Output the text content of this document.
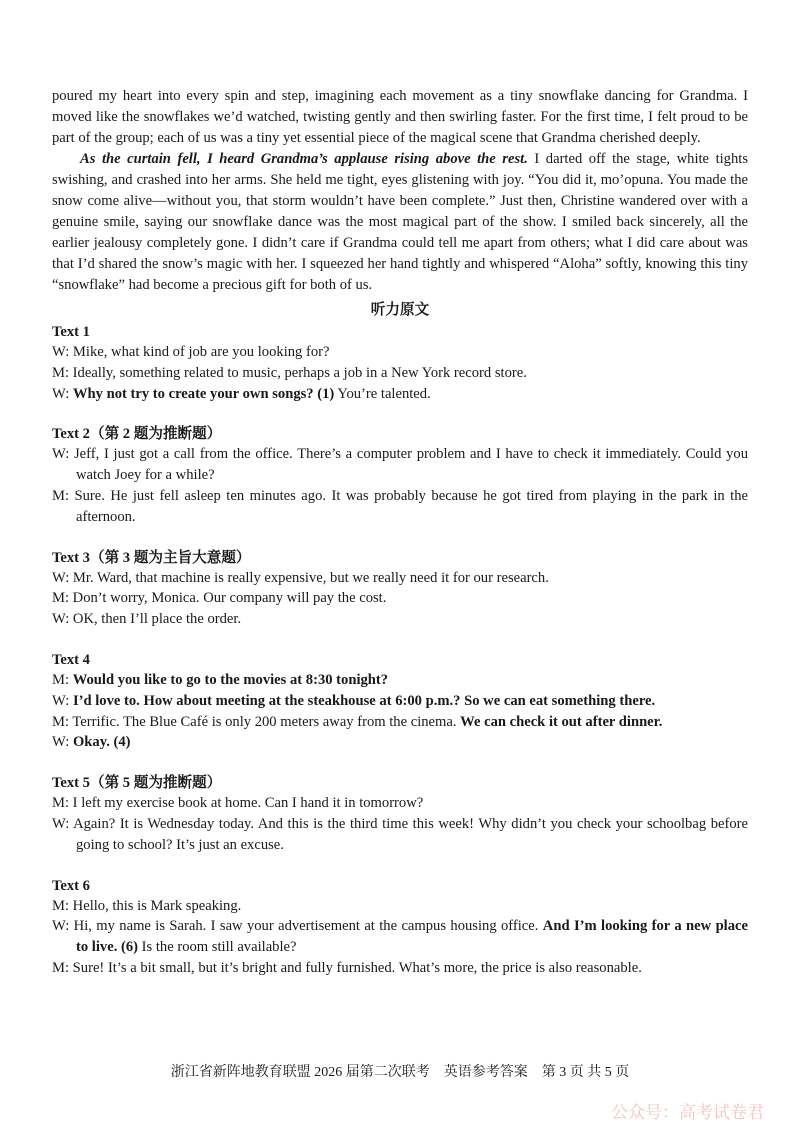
poured my heart into every spin and step, imagining each movement as a tiny snowflake dancing for Grandma. I moved like the snowflakes we’d watched, twisting gently and then swirling faster. For the first time, I felt proud to be part of the group; each of us was a tiny yet essential piece of the magical scene that Grandma cherished deeply.

As the curtain fell, I heard Grandma’s applause rising above the rest. I darted off the stage, white tights swishing, and crashed into her arms. She held me tight, eyes glistening with joy. “You did it, mo’opuna. You made the snow come alive—without you, that storm wouldn’t have been complete.” Just then, Christine wandered over with a genuine smile, saying our snowflake dance was the most magical part of the show. I smiled back sincerely, all the earlier jealousy completely gone. I didn’t care if Grandma could tell me apart from others; what I did care about was that I’d shared the snow’s magic with her. I squeezed her hand tightly and whispered “Aloha” softly, knowing this tiny “snowflake” had become a precious gift for both of us.

听力原文
Text 1
W: Mike, what kind of job are you looking for?
M: Ideally, something related to music, perhaps a job in a New York record store.
W: Why not try to create your own songs? (1) You’re talented.
Text 2（第 2 题为推断题）
W: Jeff, I just got a call from the office. There’s a computer problem and I have to check it immediately. Could you watch Joey for a while?
M: Sure. He just fell asleep ten minutes ago. It was probably because he got tired from playing in the park in the afternoon.
Text 3（第 3 题为主旨大意题）
W: Mr. Ward, that machine is really expensive, but we really need it for our research.
M: Don’t worry, Monica. Our company will pay the cost.
W: OK, then I’ll place the order.
Text 4
M: Would you like to go to the movies at 8:30 tonight?
W: I’d love to. How about meeting at the steakhouse at 6:00 p.m.? So we can eat something there.
M: Terrific. The Blue Café is only 200 meters away from the cinema. We can check it out after dinner.
W: Okay. (4)
Text 5（第 5 题为推断题）
M: I left my exercise book at home. Can I hand it in tomorrow?
W: Again? It is Wednesday today. And this is the third time this week! Why didn’t you check your schoolbag before going to school? It’s just an excuse.
Text 6
M: Hello, this is Mark speaking.
W: Hi, my name is Sarah. I saw your advertisement at the campus housing office. And I’m looking for a new place to live. (6) Is the room still available?
M: Sure! It’s a bit small, but it’s bright and fully furnished. What’s more, the price is also reasonable.
浙江省新阵地教育联盟 2026 届第二次联考　英语参考答案　第 3 页 共 5 页
公众号：高考试卷君
